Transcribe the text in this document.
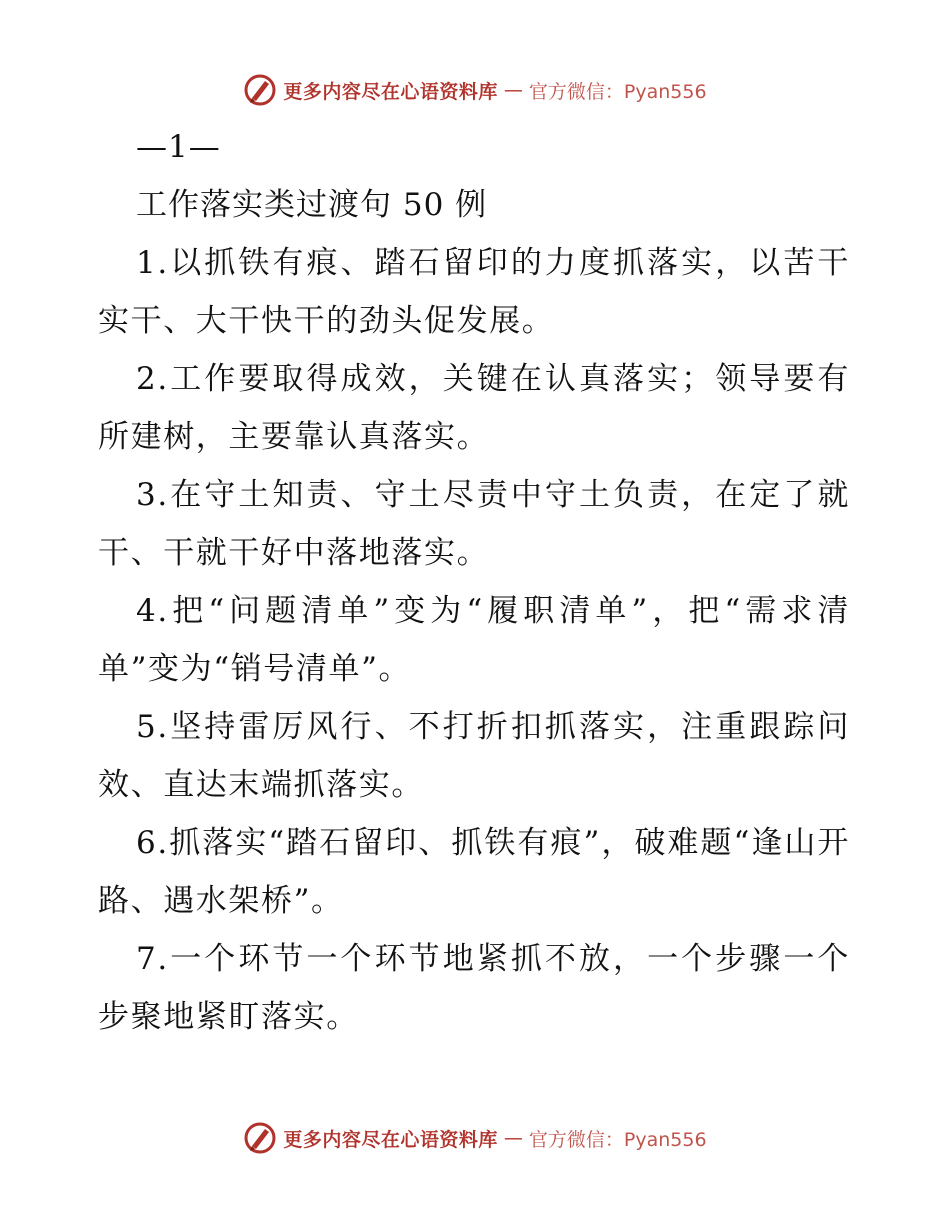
更多内容尽在心语资料库 — 官方微信：Pyan556
—1—
工作落实类过渡句 50 例

1.以抓铁有痕、踏石留印的力度抓落实，以苦干实干、大干快干的劲头促发展。

2.工作要取得成效，关键在认真落实；领导要有所建树，主要靠认真落实。

3.在守土知责、守土尽责中守土负责，在定了就干、干就干好中落地落实。

4.把“问题清单”变为“履职清单”，把“需求清单”变为“销号清单”。

5.坚持雷厉风行、不打折扣抓落实，注重跟踪问效、直达末端抓落实。

6.抓落实“踏石留印、抓铁有痕”，破难题“逢山开路、遇水架桥”。

7.一个环节一个环节地紧抓不放，一个步骤一个步聚地紧盯落实。

更多内容尽在心语资料库 — 官方微信：Pyan556
